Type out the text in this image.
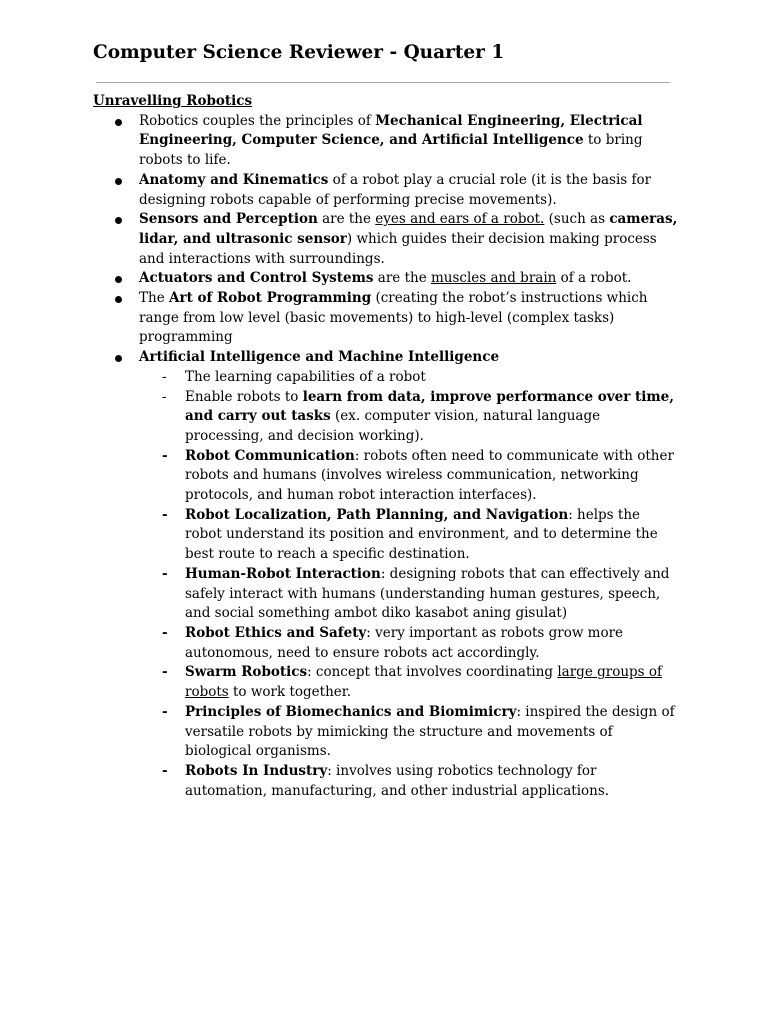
Computer Science Reviewer - Quarter 1

Unravelling Robotics

Robotics couples the principles of Mechanical Engineering, Electrical Engineering, Computer Science, and Artificial Intelligence to bring robots to life.
Anatomy and Kinematics of a robot play a crucial role (it is the basis for designing robots capable of performing precise movements).
Sensors and Perception are the eyes and ears of a robot. (such as cameras, lidar, and ultrasonic sensor) which guides their decision making process and interactions with surroundings.
Actuators and Control Systems are the muscles and brain of a robot.
The Art of Robot Programming (creating the robot’s instructions which range from low level (basic movements) to high-level (complex tasks) programming
Artificial Intelligence and Machine Intelligence
- The learning capabilities of a robot
- Enable robots to learn from data, improve performance over time, and carry out tasks (ex. computer vision, natural language processing, and decision working).
- Robot Communication: robots often need to communicate with other robots and humans (involves wireless communication, networking protocols, and human robot interaction interfaces).
- Robot Localization, Path Planning, and Navigation: helps the robot understand its position and environment, and to determine the best route to reach a specific destination.
- Human-Robot Interaction: designing robots that can effectively and safely interact with humans (understanding human gestures, speech, and social something ambot diko kasabot aning gisulat)
- Robot Ethics and Safety: very important as robots grow more autonomous, need to ensure robots act accordingly.
- Swarm Robotics: concept that involves coordinating large groups of robots to work together.
- Principles of Biomechanics and Biomimicry: inspired the design of versatile robots by mimicking the structure and movements of biological organisms.
- Robots In Industry: involves using robotics technology for automation, manufacturing, and other industrial applications.
